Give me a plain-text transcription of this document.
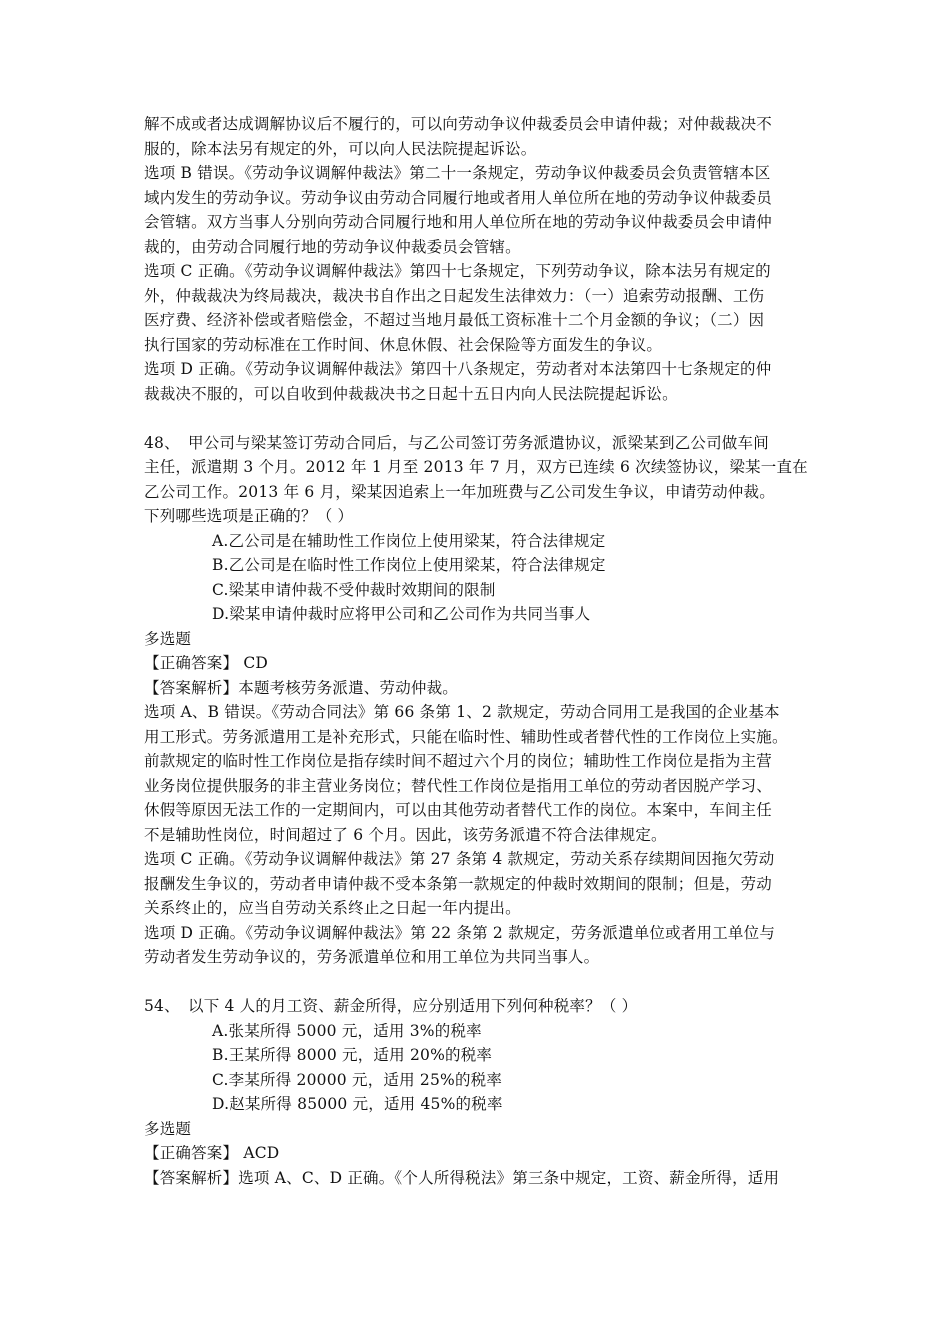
解不成或者达成调解协议后不履行的，可以向劳动争议仲裁委员会申请仲裁；对仲裁裁决不
服的，除本法另有规定的外，可以向人民法院提起诉讼。
选项 B 错误。《劳动争议调解仲裁法》第二十一条规定，劳动争议仲裁委员会负责管辖本区
域内发生的劳动争议。劳动争议由劳动合同履行地或者用人单位所在地的劳动争议仲裁委员
会管辖。双方当事人分别向劳动合同履行地和用人单位所在地的劳动争议仲裁委员会申请仲
裁的，由劳动合同履行地的劳动争议仲裁委员会管辖。
选项 C 正确。《劳动争议调解仲裁法》第四十七条规定，下列劳动争议，除本法另有规定的
外，仲裁裁决为终局裁决，裁决书自作出之日起发生法律效力：（一）追索劳动报酬、工伤
医疗费、经济补偿或者赔偿金，不超过当地月最低工资标准十二个月金额的争议；（二）因
执行国家的劳动标准在工作时间、休息休假、社会保险等方面发生的争议。
选项 D 正确。《劳动争议调解仲裁法》第四十八条规定，劳动者对本法第四十七条规定的仲
裁裁决不服的，可以自收到仲裁裁决书之日起十五日内向人民法院提起诉讼。
48、 甲公司与梁某签订劳动合同后，与乙公司签订劳务派遣协议，派梁某到乙公司做车间
主任，派遣期 3 个月。2012 年 1 月至 2013 年 7 月，双方已连续 6 次续签协议，梁某一直在
乙公司工作。2013 年 6 月，梁某因追索上一年加班费与乙公司发生争议，申请劳动仲裁。
下列哪些选项是正确的？（ ）
A.乙公司是在辅助性工作岗位上使用梁某，符合法律规定
B.乙公司是在临时性工作岗位上使用梁某，符合法律规定
C.梁某申请仲裁不受仲裁时效期间的限制
D.梁某申请仲裁时应将甲公司和乙公司作为共同当事人
多选题
【正确答案】 CD
【答案解析】本题考核劳务派遣、劳动仲裁。
选项 A、B 错误。《劳动合同法》第 66 条第 1、2 款规定，劳动合同用工是我国的企业基本
用工形式。劳务派遣用工是补充形式，只能在临时性、辅助性或者替代性的工作岗位上实施。
前款规定的临时性工作岗位是指存续时间不超过六个月的岗位；辅助性工作岗位是指为主营
业务岗位提供服务的非主营业务岗位；替代性工作岗位是指用工单位的劳动者因脱产学习、
休假等原因无法工作的一定期间内，可以由其他劳动者替代工作的岗位。本案中，车间主任
不是辅助性岗位，时间超过了 6 个月。因此，该劳务派遣不符合法律规定。
选项 C 正确。《劳动争议调解仲裁法》第 27 条第 4 款规定，劳动关系存续期间因拖欠劳动
报酬发生争议的，劳动者申请仲裁不受本条第一款规定的仲裁时效期间的限制；但是，劳动
关系终止的，应当自劳动关系终止之日起一年内提出。
选项 D 正确。《劳动争议调解仲裁法》第 22 条第 2 款规定，劳务派遣单位或者用工单位与
劳动者发生劳动争议的，劳务派遣单位和用工单位为共同当事人。
54、 以下 4 人的月工资、薪金所得，应分别适用下列何种税率？（ ）
A.张某所得 5000 元，适用 3%的税率
B.王某所得 8000 元，适用 20%的税率
C.李某所得 20000 元，适用 25%的税率
D.赵某所得 85000 元，适用 45%的税率
多选题
【正确答案】 ACD
【答案解析】选项 A、C、D 正确。《个人所得税法》第三条中规定，工资、薪金所得，适用
